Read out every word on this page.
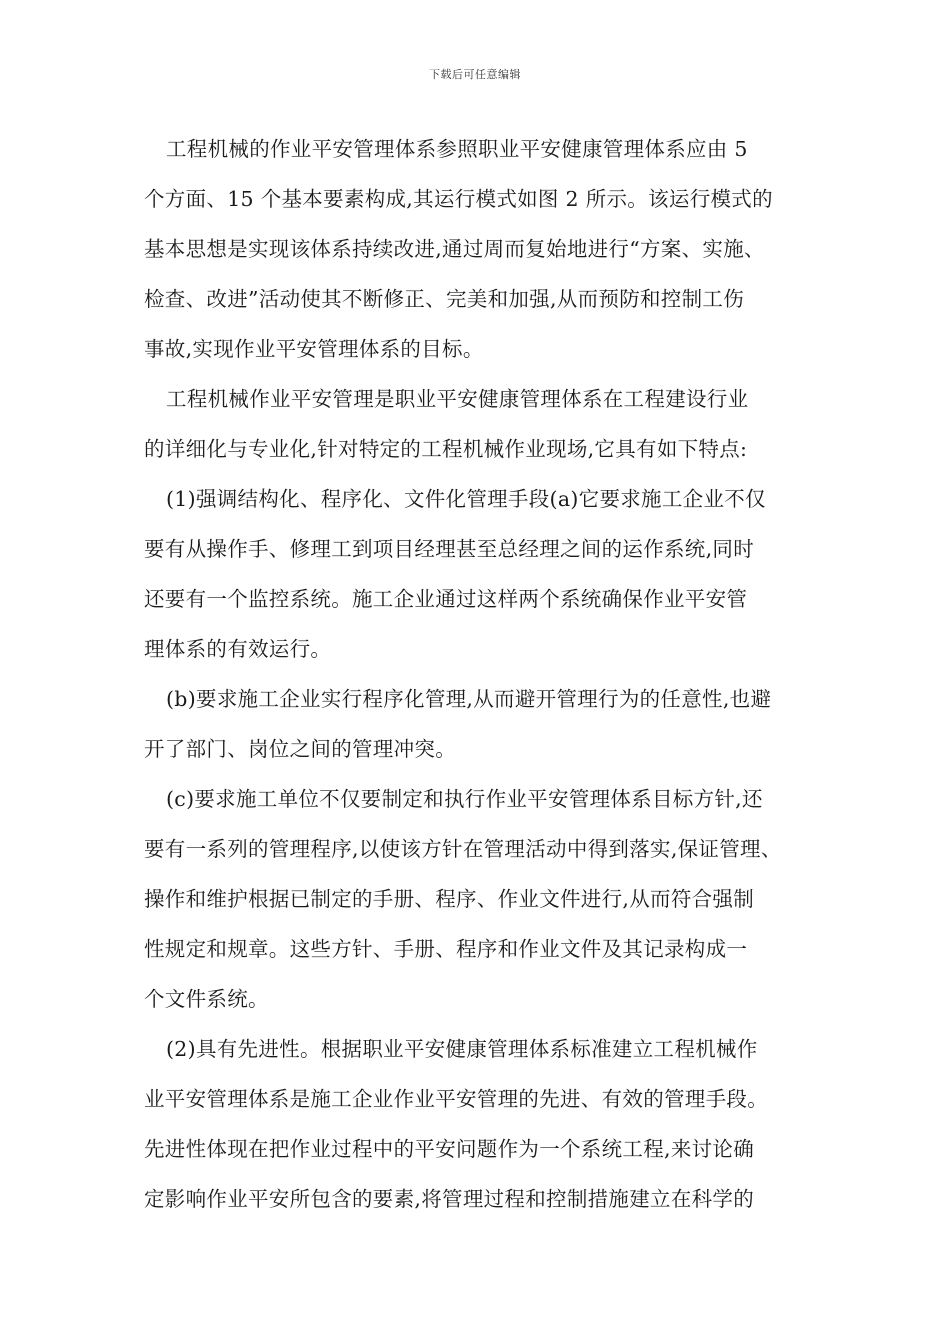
下载后可任意编辑
工程机械的作业平安管理体系参照职业平安健康管理体系应由 5
个方面、15 个基本要素构成,其运行模式如图 2 所示。该运行模式的
基本思想是实现该体系持续改进,通过周而复始地进行“方案、实施、
检查、改进”活动使其不断修正、完美和加强,从而预防和控制工伤
事故,实现作业平安管理体系的目标。
工程机械作业平安管理是职业平安健康管理体系在工程建设行业
的详细化与专业化,针对特定的工程机械作业现场,它具有如下特点:
(1)强调结构化、程序化、文件化管理手段(a)它要求施工企业不仅
要有从操作手、修理工到项目经理甚至总经理之间的运作系统,同时
还要有一个监控系统。施工企业通过这样两个系统确保作业平安管
理体系的有效运行。
(b)要求施工企业实行程序化管理,从而避开管理行为的任意性,也避
开了部门、岗位之间的管理冲突。
(c)要求施工单位不仅要制定和执行作业平安管理体系目标方针,还
要有一系列的管理程序,以使该方针在管理活动中得到落实,保证管理、
操作和维护根据已制定的手册、程序、作业文件进行,从而符合强制
性规定和规章。这些方针、手册、程序和作业文件及其记录构成一
个文件系统。
(2)具有先进性。根据职业平安健康管理体系标准建立工程机械作
业平安管理体系是施工企业作业平安管理的先进、有效的管理手段。
先进性体现在把作业过程中的平安问题作为一个系统工程,来讨论确
定影响作业平安所包含的要素,将管理过程和控制措施建立在科学的
